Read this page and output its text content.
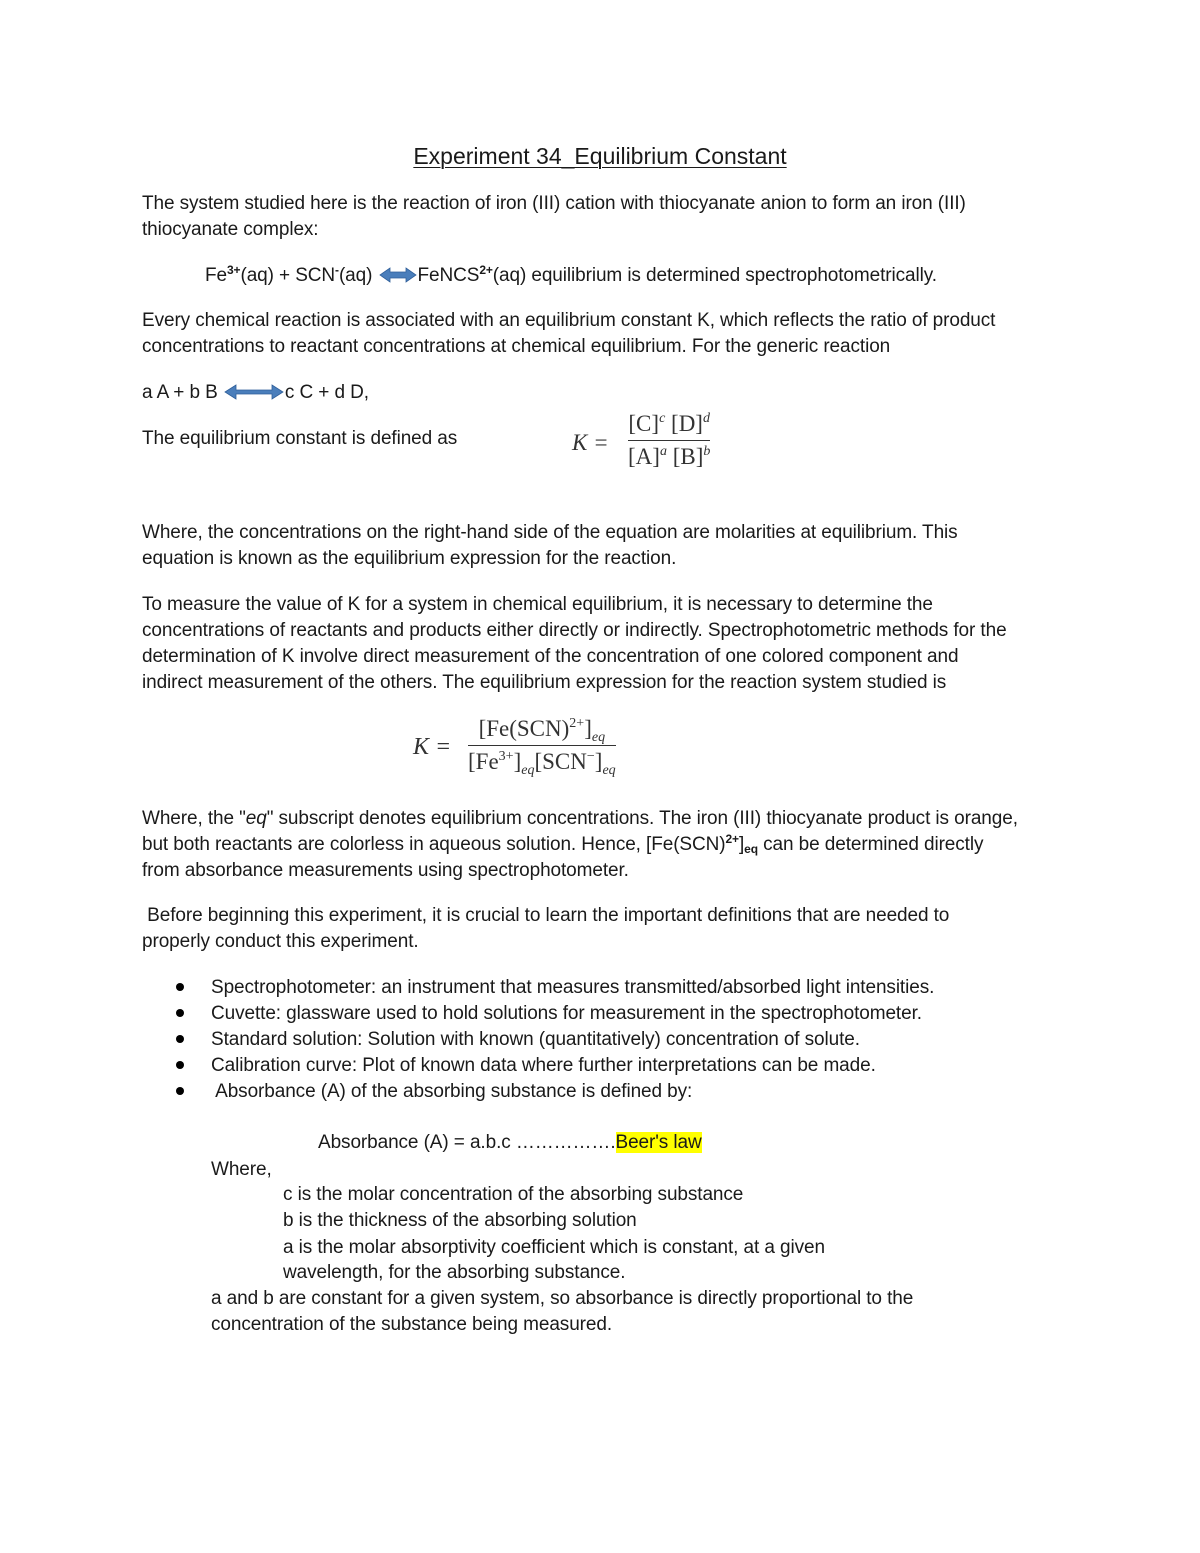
Experiment 34_Equilibrium Constant
The system studied here is the reaction of iron (III) cation with thiocyanate anion to form an iron (III)
thiocyanate complex:
$Fe^{3+}(aq) + SCN^-(aq)$ FeNCS$^{2+}$(aq) equilibrium is determined spectrophotometrically.
Every chemical reaction is associated with an equilibrium constant K, which reflects the ratio of product
concentrations to reactant concentrations at chemical equilibrium. For the generic reaction
a A + b B	c C + d D,
The equilibrium constant is defined as	K =
$[C]^c$ $[D]^d$
$[A]^a$ $[B]^b$
Where, the concentrations on the right-hand side of the equation are molarities at equilibrium. This
equation is known as the equilibrium expression for the reaction.
To measure the value of K for a system in chemical equilibrium, it is necessary to determine the
concentrations of reactants and products either directly or indirectly. Spectrophotometric methods for the
determination of K involve direct measurement of the concentration of one colored component and
indirect measurement of the others. The equilibrium expression for the reaction system studied is
K =
$[Fe(SCN)^{2+}]_{eq}$
$[Fe^{3+}]_{eq}[SCN^-]_{eq}$
Where, the "eq" subscript denotes equilibrium concentrations. The iron (III) thiocyanate product is orange,
but both reactants are colorless in aqueous solution. Hence, $[Fe(SCN)^{2+}]_{eq}$ can be determined directly
from absorbance measurements using spectrophotometer.
Before beginning this experiment, it is crucial to learn the important definitions that are needed to
properly conduct this experiment.
Spectrophotometer: an instrument that measures transmitted/absorbed light intensities.
Cuvette: glassware used to hold solutions for measurement in the spectrophotometer.
Standard solution: Solution with known (quantitatively) concentration of solute.
Calibration curve: Plot of known data where further interpretations can be made.
Absorbance (A) of the absorbing substance is defined by:
Absorbance (A) = a.b.c …………….Beer's law
Where,
c is the molar concentration of the absorbing substance
b is the thickness of the absorbing solution
a is the molar absorptivity coefficient which is constant, at a given
wavelength, for the absorbing substance.
a and b are constant for a given system, so absorbance is directly proportional to the
concentration of the substance being measured.
